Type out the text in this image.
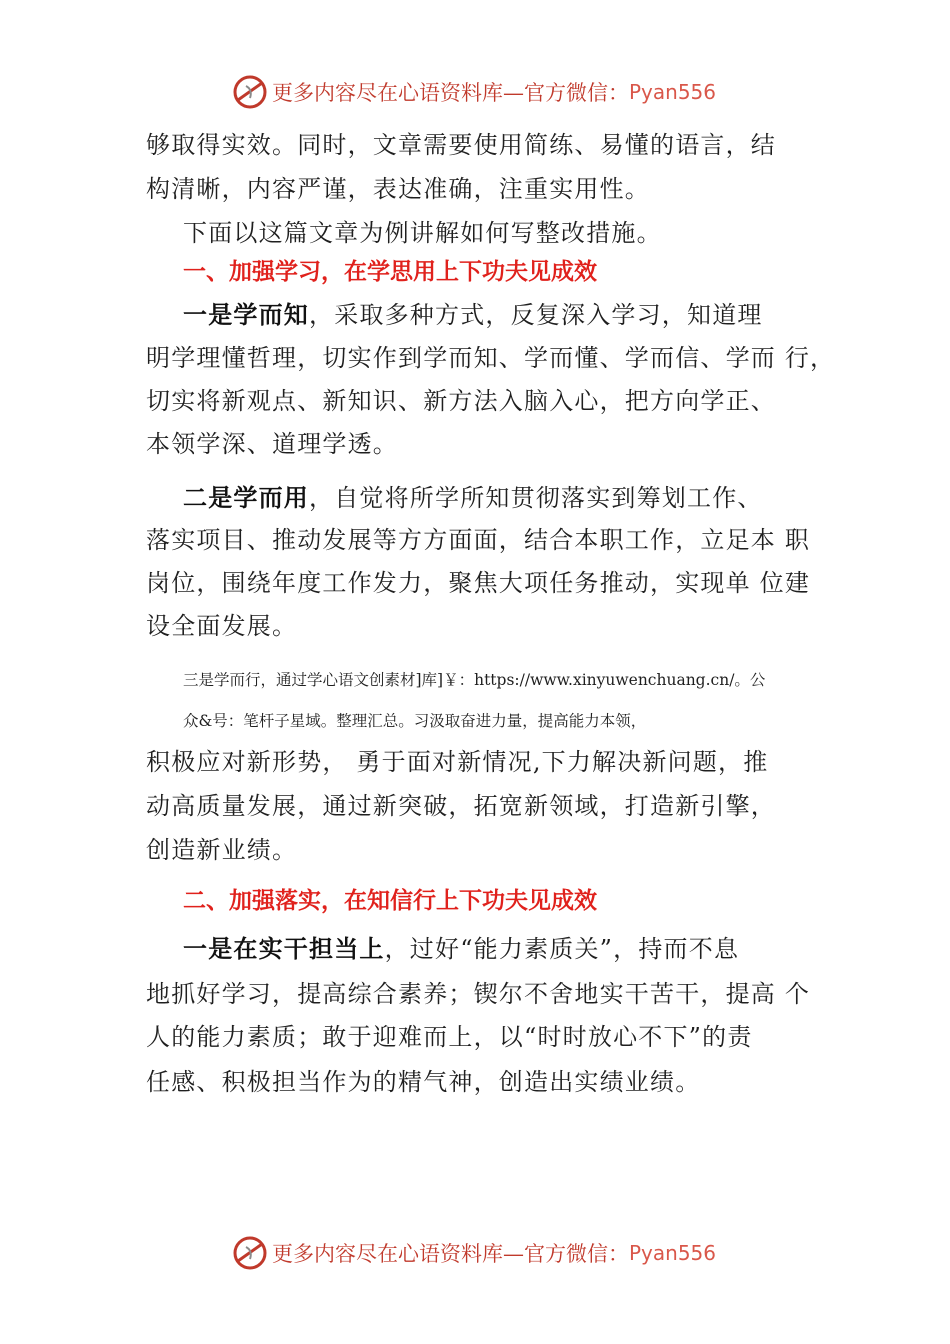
更多内容尽在心语资料库—官方微信： Pyan556
够取得实效。同时，文章需要使用简练、易懂的语言，结
构清晰，内容严谨，表达准确，注重实用性。
下面以这篇文章为例讲解如何写整改措施。
一、加强学习，在学思用上下功夫见成效
一是学而知，采取多种方式，反复深入学习，知道理
明学理懂哲理，切实作到学而知、学而懂、学而信、学而 行，
切实将新观点、新知识、新方法入脑入心，把方向学正、
本领学深、道理学透。
二是学而用，自觉将所学所知贯彻落实到筹划工作、
落实项目、推动发展等方方面面，结合本职工作，立足本 职
岗位，围绕年度工作发力，聚焦大项任务推动，实现单 位建
设全面发展。
三是学而行，通过学心语文创素材]库]￥：https://www.xinyuwenchuang.cn/。公
众&号：笔杆子星域。整理汇总。习汲取奋进力量，提高能力本领，
积极应对新形势， 勇于面对新情况,下力解决新问题，推
动高质量发展，通过新突破，拓宽新领域，打造新引擎，
创造新业绩。
二、加强落实，在知信行上下功夫见成效
一是在实干担当上，过好“能力素质关”，持而不息
地抓好学习，提高综合素养；锲尔不舍地实干苦干，提高 个
人的能力素质；敢于迎难而上，以“时时放心不下”的责
任感、积极担当作为的精气神，创造出实绩业绩。
更多内容尽在心语资料库—官方微信： Pyan556
